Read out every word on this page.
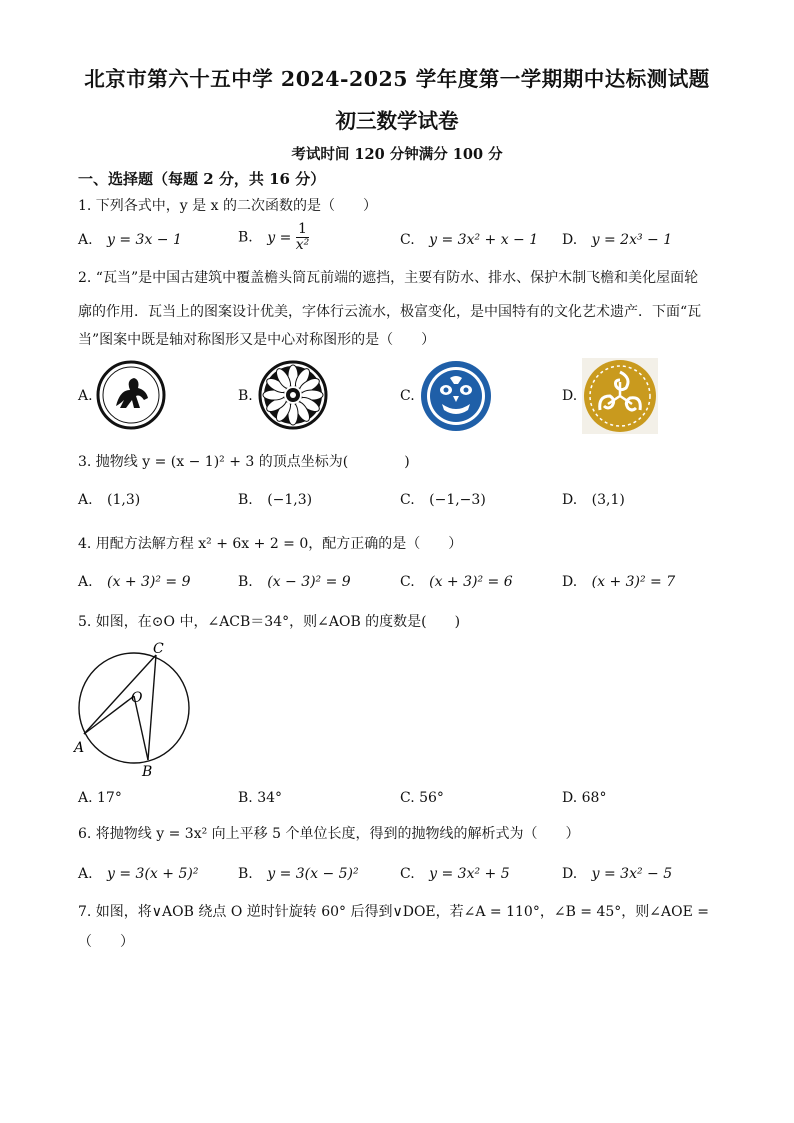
北京市第六十五中学 2024-2025 学年度第一学期期中达标测试题
初三数学试卷
考试时间 120 分钟满分 100 分
一、选择题（每题 2 分，共 16 分）
1. 下列各式中，y 是 x 的二次函数的是（　　）
A. y = 3x − 1	B. $y = \frac{1}{\text{x²}}$	C. y = 3x² + x − 1 D. y = 2x³ − 1
2. “瓦当”是中国古建筑中覆盖檐头筒瓦前端的遮挡，主要有防水、排水、保护木制飞檐和美化屋面轮
廓的作用．瓦当上的图案设计优美，字体行云流水，极富变化，是中国特有的文化艺术遗产．下面“瓦
当”图案中既是轴对称图形又是中心对称图形的是（　　）
A.	B.	C.	D.
3. 抛物线 y = (x − 1)² + 3 的顶点坐标为(　　　　)
A. (1,3)	B. (−1,3)	C. (−1,−3)	D. (3,1)
4. 用配方法解方程 x² + 6x + 2 = 0，配方正确的是（　　）
A. (x + 3)² = 9	B. (x − 3)² = 9	C. (x + 3)² = 6	D. (x + 3)² = 7
5. 如图，在⊙O 中，∠ACB＝34°，则∠AOB 的度数是(　　)
C
O
A
B
A. 17°	B. 34°	C. 56°	D. 68°
6. 将抛物线 y = 3x² 向上平移 5 个单位长度，得到的抛物线的解析式为（　　）
A. y = 3(x + 5)²	B. y = 3(x − 5)²	C. y = 3x² + 5	D. y = 3x² − 5
7. 如图，将∨AOB 绕点 O 逆时针旋转 60° 后得到∨DOE，若∠A = 110°，∠B = 45°，则∠AOE =
（　　）
